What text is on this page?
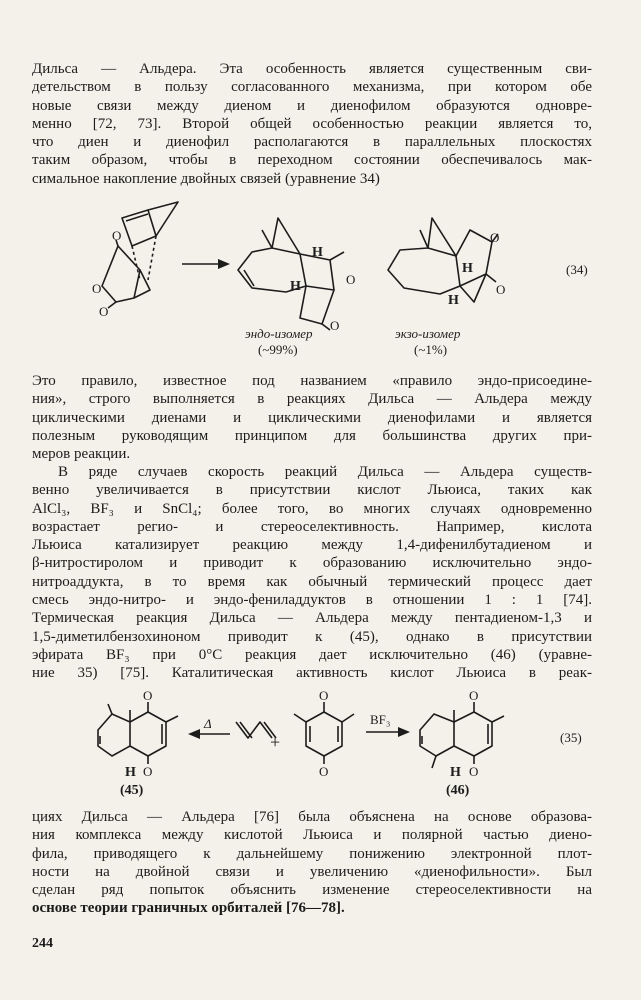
Дильса — Альдера. Эта особенность является существенным сви-
детельством в пользу согласованного механизма, при котором обе
новые связи между диеном и диенофилом образуются одновре-
менно [72, 73]. Второй общей особенностью реакции является то,
что диен и диенофил располагаются в параллельных плоскостях
таким образом, чтобы в переходном состоянии обеспечивалось мак-
симальное накопление двойных связей (уравнение 34)
O
O
O
H
H	O
O
эндо-изомер
(~99%)
H
H
O
O
экзо-изомер
(~1%)
(34)
Это правило, известное под названием «правило эндо-присоедине-
ния», строго выполняется в реакциях Дильса — Альдера между
циклическими диенами и циклическими диенофилами и является
полезным руководящим принципом для большинства других при-
меров реакции.
В ряде случаев скорость реакций Дильса — Альдера существ-
венно увеличивается в присутствии кислот Льюиса, таких как
AlCl₃, BF₃ и SnCl₄; более того, во многих случаях одновременно
возрастает регио- и стереоселективность. Например, кислота
Льюиса катализирует реакцию между 1,4-дифенилбутадиеном и
β-нитростиролом и приводит к образованию исключительно эндо-
нитроаддукта, в то время как обычный термический процесс дает
смесь эндо-нитро- и эндо-фениладдуктов в отношении 1 : 1 [74].
Термическая реакция Дильса — Альдера между пентадиеном-1,3 и
1,5-диметилбензохиноном приводит к (45), однако в присутствии
эфирата BF₃ при 0°C реакция дает исключительно (46) (уравне-
ние 35) [75]. Каталитическая активность кислот Льюиса в реак-
O
O
H
(45)
Δ
+
O
O
BF₃
O
O
H
(46)
(35)
циях Дильса — Альдера [76] была объяснена на основе образова-
ния комплекса между кислотой Льюиса и полярной частью диено-
фила, приводящего к дальнейшему понижению электронной плот-
ности на двойной связи и увеличению «диенофильности». Был
сделан ряд попыток объяснить изменение стереоселективности на
основе теории граничных орбиталей [76—78].
244
